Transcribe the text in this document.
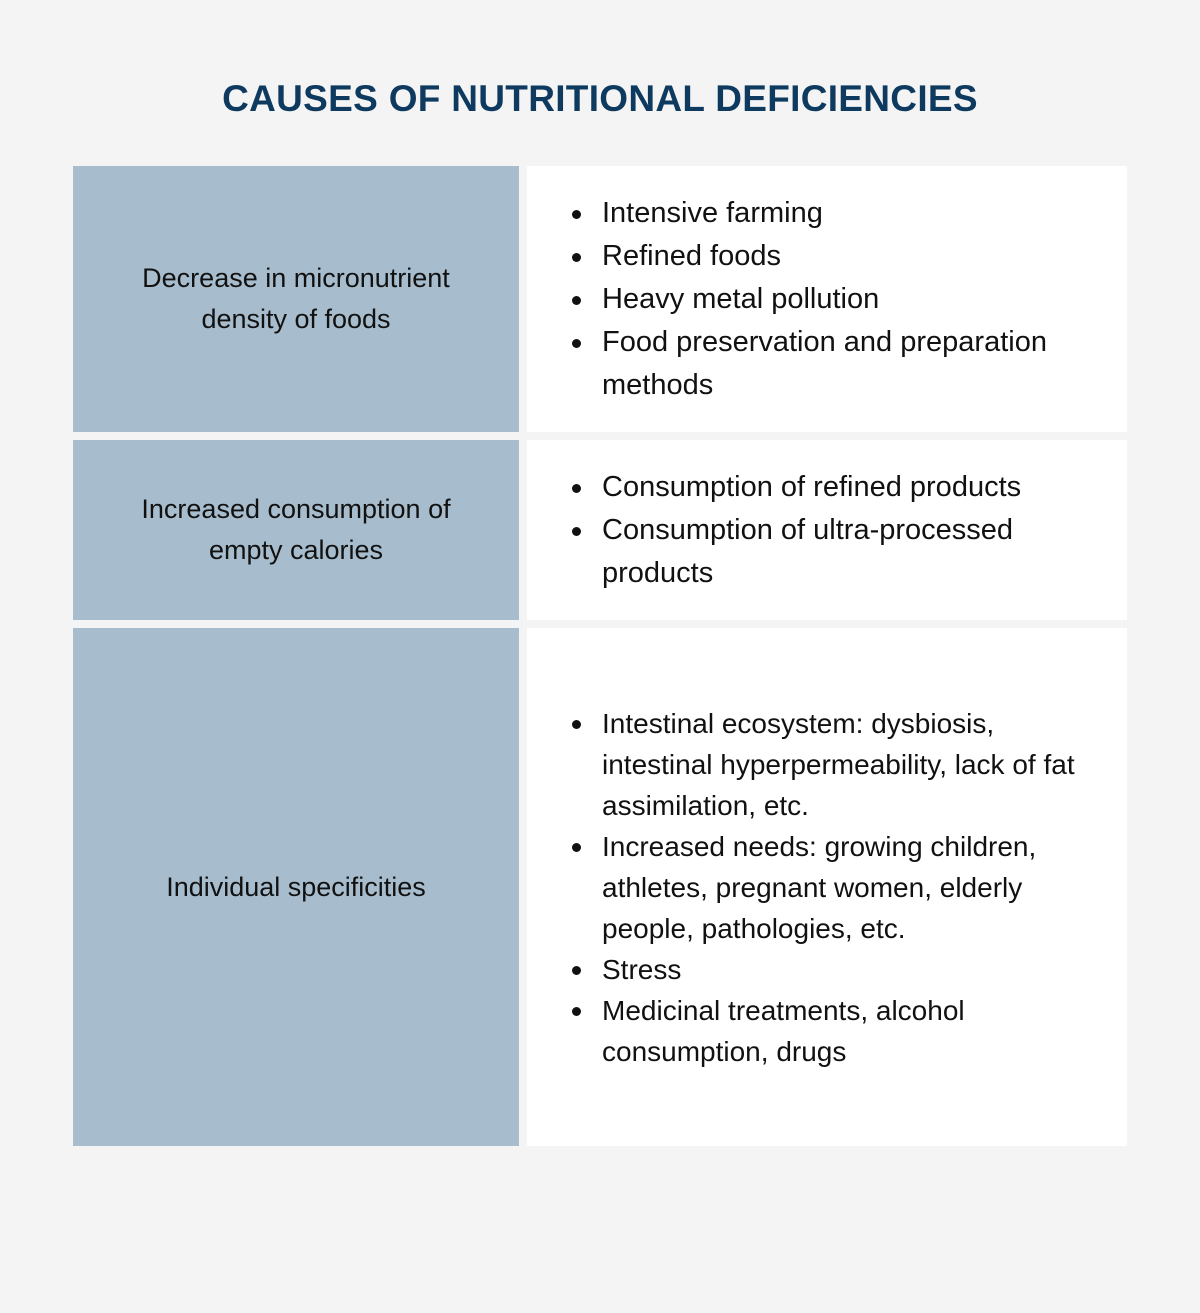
CAUSES OF NUTRITIONAL DEFICIENCIES
Decrease in micronutrient density of foods
Intensive farming
Refined foods
Heavy metal pollution
Food preservation and preparation methods
Increased consumption of empty calories
Consumption of refined products
Consumption of ultra-processed products
Individual specificities
Intestinal ecosystem: dysbiosis, intestinal hyperpermeability, lack of fat assimilation, etc.
Increased needs: growing children, athletes, pregnant women, elderly people, pathologies, etc.
Stress
Medicinal treatments, alcohol consumption, drugs
